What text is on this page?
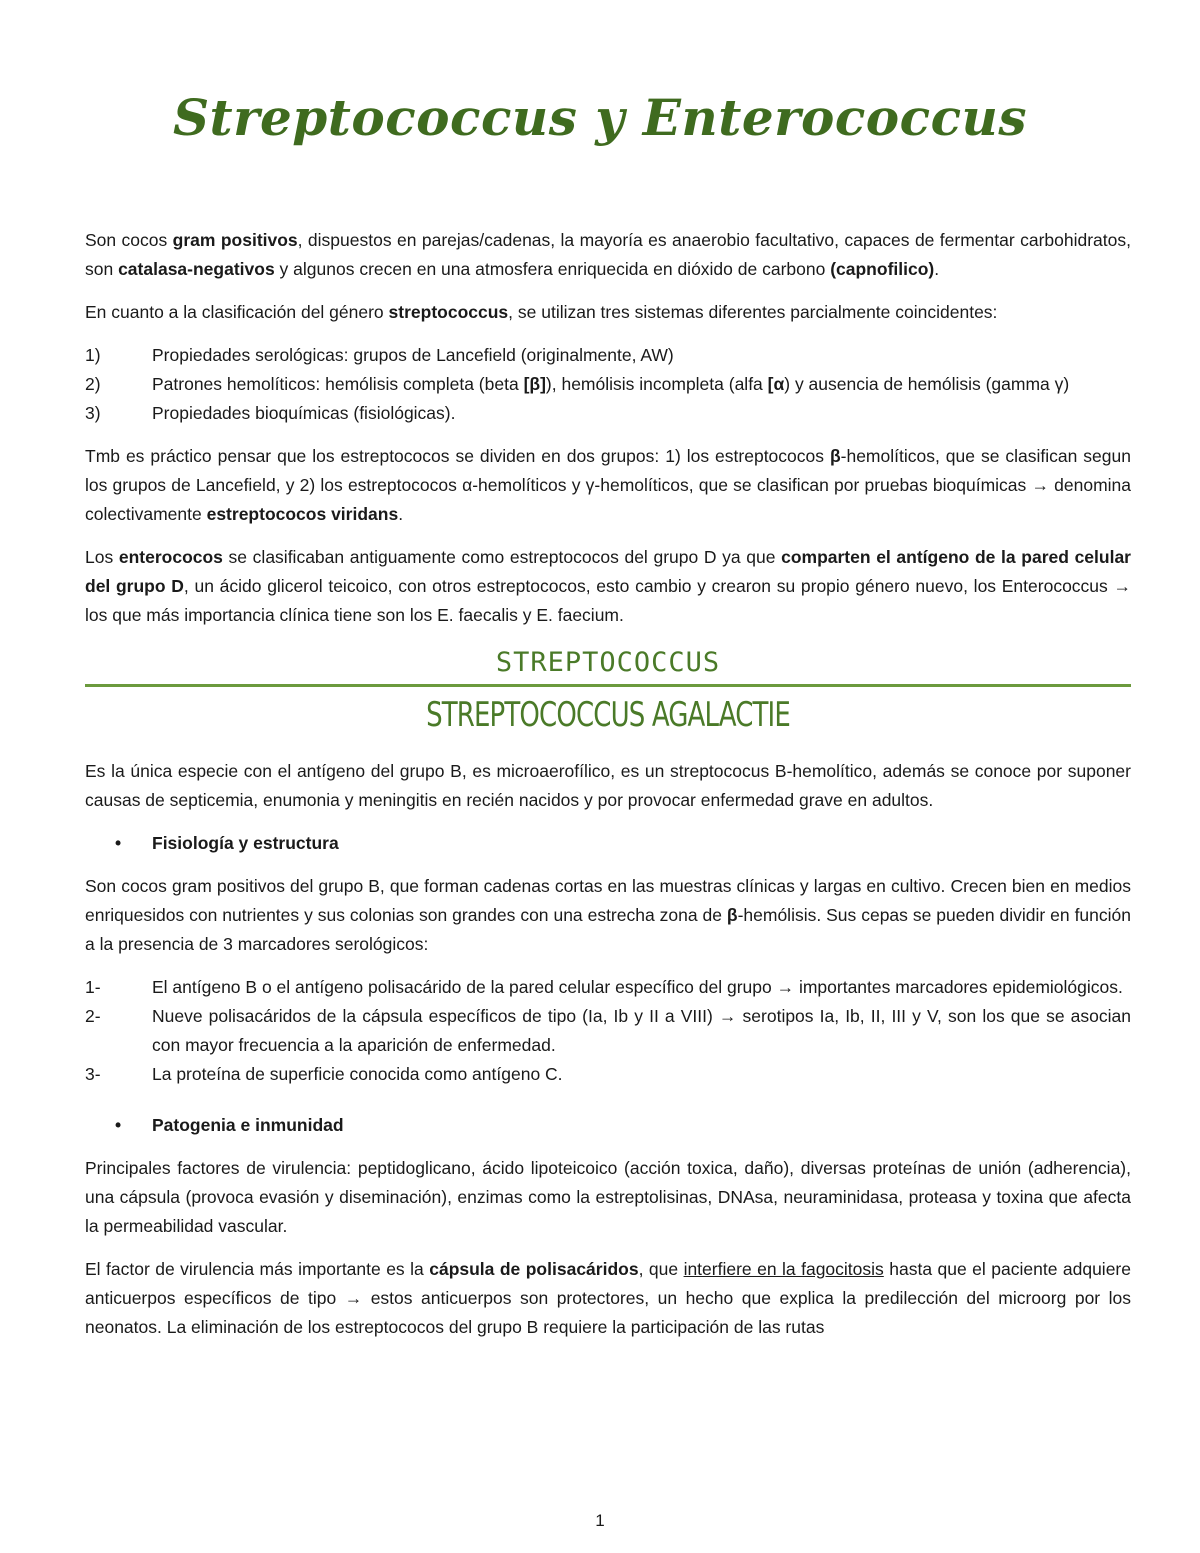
Streptococcus y Enterococcus

Son cocos gram positivos, dispuestos en parejas/cadenas, la mayoría es anaerobio facultativo, capaces de fermentar carbohidratos, son catalasa-negativos y algunos crecen en una atmosfera enriquecida en dióxido de carbono (capnofilico).

En cuanto a la clasificación del género streptococcus, se utilizan tres sistemas diferentes parcialmente coincidentes:

1)	Propiedades serológicas: grupos de Lancefield (originalmente, AW)
2)	Patrones hemolíticos: hemólisis completa (beta [β]), hemólisis incompleta (alfa [α) y ausencia de hemólisis (gamma γ)
3)	Propiedades bioquímicas (fisiológicas).

Tmb es práctico pensar que los estreptococos se dividen en dos grupos: 1) los estreptococos β-hemolíticos, que se clasifican segun los grupos de Lancefield, y 2) los estreptococos α-hemolíticos y γ-hemolíticos, que se clasifican por pruebas bioquímicas → denomina colectivamente estreptococos viridans.

Los enterococos se clasificaban antiguamente como estreptococos del grupo D ya que comparten el antígeno de la pared celular del grupo D, un ácido glicerol teicoico, con otros estreptococos, esto cambio y crearon su propio género nuevo, los Enterococcus → los que más importancia clínica tiene son los E. faecalis y E. faecium.

STREPTOCOCCUS
STREPTOCOCCUS AGALACTIE

Es la única especie con el antígeno del grupo B, es microaerofílico, es un streptococus B-hemolítico, además se conoce por suponer causas de septicemia, enumonia y meningitis en recién nacidos y por provocar enfermedad grave en adultos.

• Fisiología y estructura

Son cocos gram positivos del grupo B, que forman cadenas cortas en las muestras clínicas y largas en cultivo. Crecen bien en medios enriquesidos con nutrientes y sus colonias son grandes con una estrecha zona de β-hemólisis. Sus cepas se pueden dividir en función a la presencia de 3 marcadores serológicos:

1-	El antígeno B o el antígeno polisacárido de la pared celular específico del grupo → importantes marcadores epidemiológicos.
2-	Nueve polisacáridos de la cápsula específicos de tipo (Ia, Ib y II a VIII) → serotipos Ia, Ib, II, III y V, son los que se asocian con mayor frecuencia a la aparición de enfermedad.
3-	La proteína de superficie conocida como antígeno C.
• Patogenia e inmunidad

Principales factores de virulencia: peptidoglicano, ácido lipoteicoico (acción toxica, daño), diversas proteínas de unión (adherencia), una cápsula (provoca evasión y diseminación), enzimas como la estreptolisinas, DNAsa, neuraminidasa, proteasa y toxina que afecta la permeabilidad vascular.

El factor de virulencia más importante es la cápsula de polisacáridos, que interfiere en la fagocitosis hasta que el paciente adquiere anticuerpos específicos de tipo → estos anticuerpos son protectores, un hecho que explica la predilección del microorg por los neonatos. La eliminación de los estreptococos del grupo B requiere la participación de las rutas

1
